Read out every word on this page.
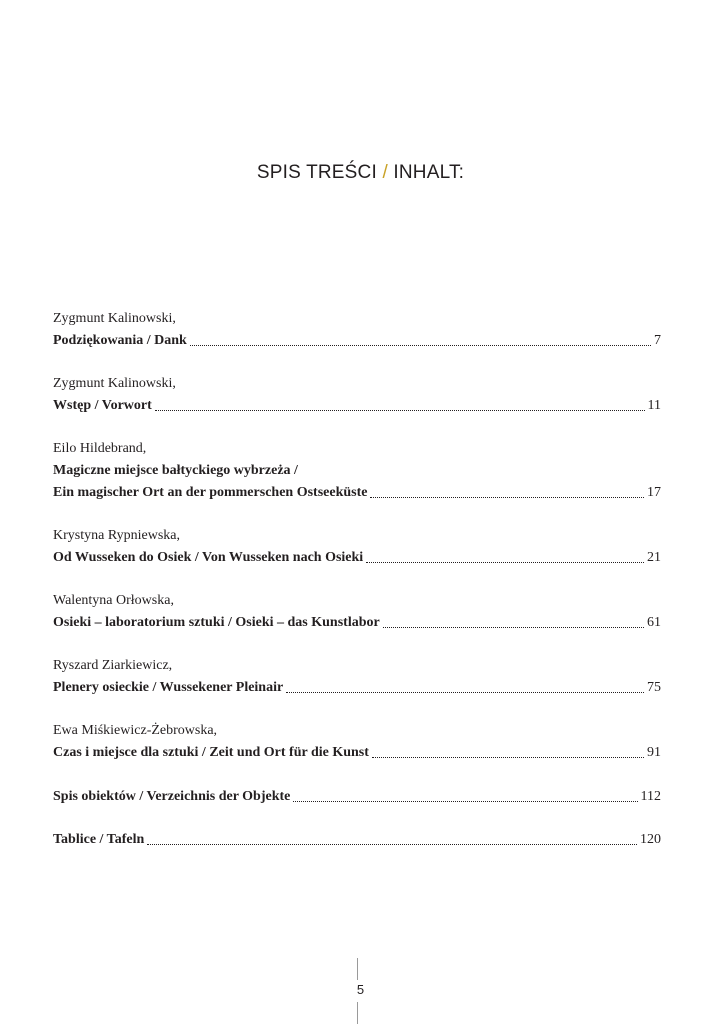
SPIS TREŚCI / INHALT:
Zygmunt Kalinowski,
Podziękowania / Dank	7
Zygmunt Kalinowski,
Wstęp / Vorwort	11
Eilo Hildebrand,
Magiczne miejsce bałtyckiego wybrzeża /
Ein magischer Ort an der pommerschen Ostseeküste	17
Krystyna Rypniewska,
Od Wusseken do Osiek / Von Wusseken nach Osieki	21
Walentyna Orłowska,
Osieki – laboratorium sztuki / Osieki – das Kunstlabor	61
Ryszard Ziarkiewicz,
Plenery osieckie / Wussekener Pleinair	75
Ewa Miśkiewicz-Żebrowska,
Czas i miejsce dla sztuki / Zeit und Ort für die Kunst	91
Spis obiektów / Verzeichnis der Objekte	112
Tablice / Tafeln	120
5
